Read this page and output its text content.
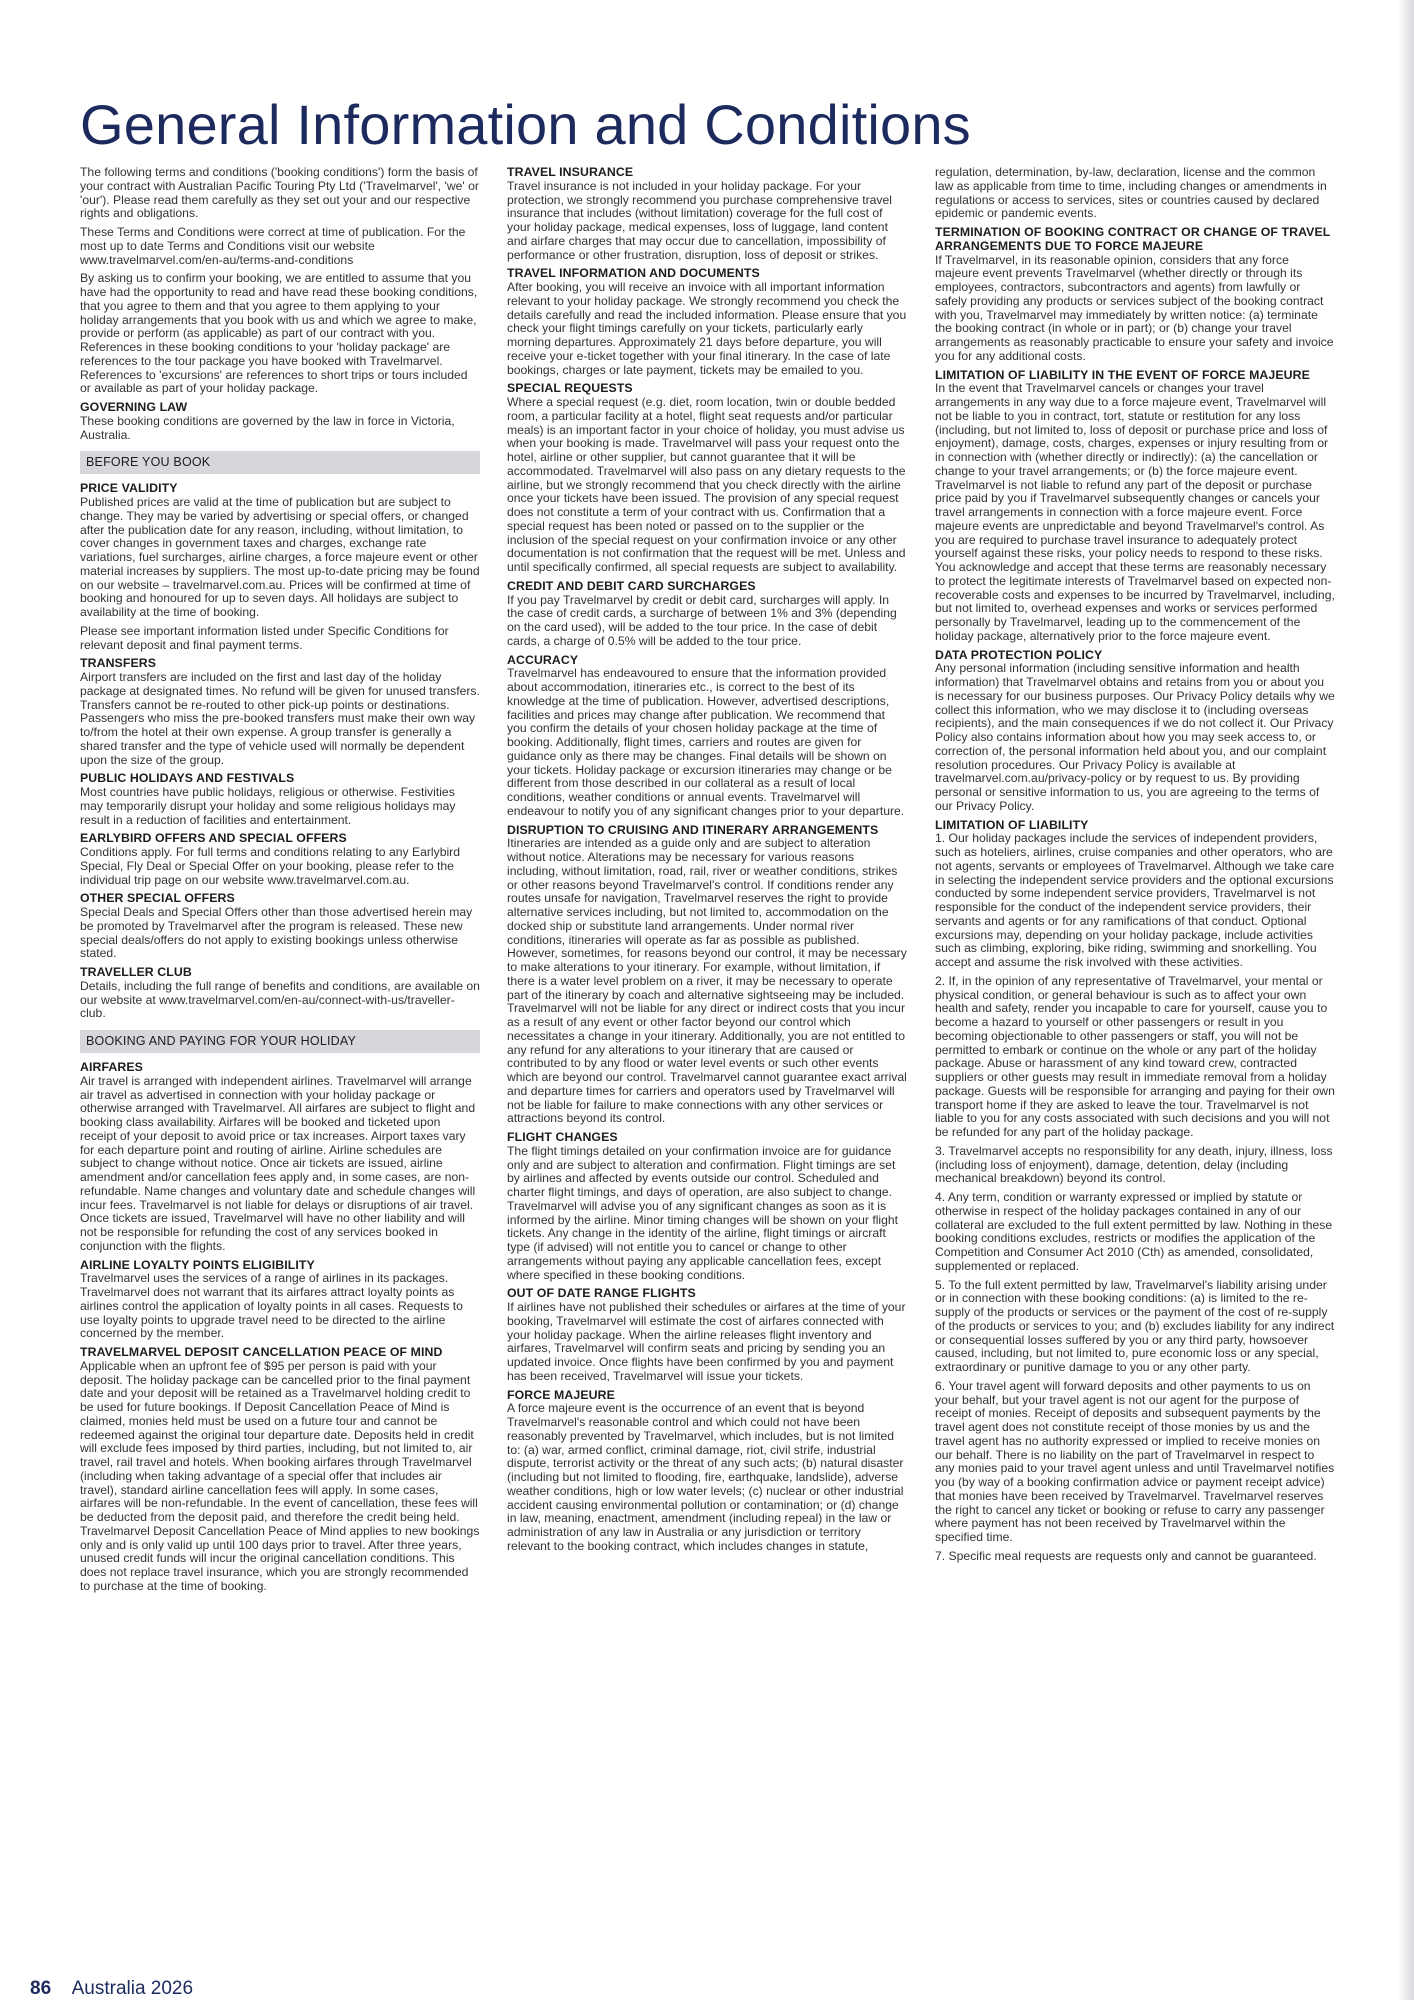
General Information and Conditions

The following terms and conditions ('booking conditions') form the basis of your contract with Australian Pacific Touring Pty Ltd ('Travelmarvel', 'we' or 'our'). Please read them carefully as they set out your and our respective rights and obligations.

These Terms and Conditions were correct at time of publication. For the most up to date Terms and Conditions visit our website www.travelmarvel.com/en-au/terms-and-conditions

By asking us to confirm your booking, we are entitled to assume that you have had the opportunity to read and have read these booking conditions, that you agree to them and that you agree to them applying to your holiday arrangements that you book with us and which we agree to make, provide or perform (as applicable) as part of our contract with you. References in these booking conditions to your 'holiday package' are references to the tour package you have booked with Travelmarvel. References to 'excursions' are references to short trips or tours included or available as part of your holiday package.

GOVERNING LAW

These booking conditions are governed by the law in force in Victoria, Australia.

BEFORE YOU BOOK
PRICE VALIDITY

Published prices are valid at the time of publication but are subject to change. They may be varied by advertising or special offers, or changed after the publication date for any reason, including, without limitation, to cover changes in government taxes and charges, exchange rate variations, fuel surcharges, airline charges, a force majeure event or other material increases by suppliers. The most up-to-date pricing may be found on our website – travelmarvel.com.au. Prices will be confirmed at time of booking and honoured for up to seven days. All holidays are subject to availability at the time of booking.

Please see important information listed under Specific Conditions for relevant deposit and final payment terms.

TRANSFERS

Airport transfers are included on the first and last day of the holiday package at designated times. No refund will be given for unused transfers. Transfers cannot be re-routed to other pick-up points or destinations. Passengers who miss the pre-booked transfers must make their own way to/from the hotel at their own expense. A group transfer is generally a shared transfer and the type of vehicle used will normally be dependent upon the size of the group.

PUBLIC HOLIDAYS AND FESTIVALS

Most countries have public holidays, religious or otherwise. Festivities may temporarily disrupt your holiday and some religious holidays may result in a reduction of facilities and entertainment.

EARLYBIRD OFFERS AND SPECIAL OFFERS

Conditions apply. For full terms and conditions relating to any Earlybird Special, Fly Deal or Special Offer on your booking, please refer to the individual trip page on our website www.travelmarvel.com.au.

OTHER SPECIAL OFFERS

Special Deals and Special Offers other than those advertised herein may be promoted by Travelmarvel after the program is released. These new special deals/offers do not apply to existing bookings unless otherwise stated.

TRAVELLER CLUB

Details, including the full range of benefits and conditions, are available on our website at www.travelmarvel.com/en-au/connect-with-us/traveller-club.

BOOKING AND PAYING FOR YOUR HOLIDAY
AIRFARES

Air travel is arranged with independent airlines. Travelmarvel will arrange air travel as advertised in connection with your holiday package or otherwise arranged with Travelmarvel. All airfares are subject to flight and booking class availability. Airfares will be booked and ticketed upon receipt of your deposit to avoid price or tax increases. Airport taxes vary for each departure point and routing of airline. Airline schedules are subject to change without notice. Once air tickets are issued, airline amendment and/or cancellation fees apply and, in some cases, are non-refundable. Name changes and voluntary date and schedule changes will incur fees. Travelmarvel is not liable for delays or disruptions of air travel. Once tickets are issued, Travelmarvel will have no other liability and will not be responsible for refunding the cost of any services booked in conjunction with the flights.

AIRLINE LOYALTY POINTS ELIGIBILITY

Travelmarvel uses the services of a range of airlines in its packages. Travelmarvel does not warrant that its airfares attract loyalty points as airlines control the application of loyalty points in all cases. Requests to use loyalty points to upgrade travel need to be directed to the airline concerned by the member.

TRAVELMARVEL DEPOSIT CANCELLATION PEACE OF MIND

Applicable when an upfront fee of $95 per person is paid with your deposit. The holiday package can be cancelled prior to the final payment date and your deposit will be retained as a Travelmarvel holding credit to be used for future bookings. If Deposit Cancellation Peace of Mind is claimed, monies held must be used on a future tour and cannot be redeemed against the original tour departure date. Deposits held in credit will exclude fees imposed by third parties, including, but not limited to, air travel, rail travel and hotels. When booking airfares through Travelmarvel (including when taking advantage of a special offer that includes air travel), standard airline cancellation fees will apply. In some cases, airfares will be non-refundable. In the event of cancellation, these fees will be deducted from the deposit paid, and therefore the credit being held. Travelmarvel Deposit Cancellation Peace of Mind applies to new bookings only and is only valid up until 100 days prior to travel. After three years, unused credit funds will incur the original cancellation conditions. This does not replace travel insurance, which you are strongly recommended to purchase at the time of booking.

TRAVEL INSURANCE

Travel insurance is not included in your holiday package. For your protection, we strongly recommend you purchase comprehensive travel insurance that includes (without limitation) coverage for the full cost of your holiday package, medical expenses, loss of luggage, land content and airfare charges that may occur due to cancellation, impossibility of performance or other frustration, disruption, loss of deposit or strikes.

TRAVEL INFORMATION AND DOCUMENTS

After booking, you will receive an invoice with all important information relevant to your holiday package. We strongly recommend you check the details carefully and read the included information. Please ensure that you check your flight timings carefully on your tickets, particularly early morning departures. Approximately 21 days before departure, you will receive your e-ticket together with your final itinerary. In the case of late bookings, charges or late payment, tickets may be emailed to you.

SPECIAL REQUESTS

Where a special request (e.g. diet, room location, twin or double bedded room, a particular facility at a hotel, flight seat requests and/or particular meals) is an important factor in your choice of holiday, you must advise us when your booking is made. Travelmarvel will pass your request onto the hotel, airline or other supplier, but cannot guarantee that it will be accommodated. Travelmarvel will also pass on any dietary requests to the airline, but we strongly recommend that you check directly with the airline once your tickets have been issued. The provision of any special request does not constitute a term of your contract with us. Confirmation that a special request has been noted or passed on to the supplier or the inclusion of the special request on your confirmation invoice or any other documentation is not confirmation that the request will be met. Unless and until specifically confirmed, all special requests are subject to availability.

CREDIT AND DEBIT CARD SURCHARGES

If you pay Travelmarvel by credit or debit card, surcharges will apply. In the case of credit cards, a surcharge of between 1% and 3% (depending on the card used), will be added to the tour price. In the case of debit cards, a charge of 0.5% will be added to the tour price.

ACCURACY

Travelmarvel has endeavoured to ensure that the information provided about accommodation, itineraries etc., is correct to the best of its knowledge at the time of publication. However, advertised descriptions, facilities and prices may change after publication. We recommend that you confirm the details of your chosen holiday package at the time of booking. Additionally, flight times, carriers and routes are given for guidance only as there may be changes. Final details will be shown on your tickets. Holiday package or excursion itineraries may change or be different from those described in our collateral as a result of local conditions, weather conditions or annual events. Travelmarvel will endeavour to notify you of any significant changes prior to your departure.

DISRUPTION TO CRUISING AND ITINERARY ARRANGEMENTS

Itineraries are intended as a guide only and are subject to alteration without notice. Alterations may be necessary for various reasons including, without limitation, road, rail, river or weather conditions, strikes or other reasons beyond Travelmarvel's control. If conditions render any routes unsafe for navigation, Travelmarvel reserves the right to provide alternative services including, but not limited to, accommodation on the docked ship or substitute land arrangements. Under normal river conditions, itineraries will operate as far as possible as published. However, sometimes, for reasons beyond our control, it may be necessary to make alterations to your itinerary. For example, without limitation, if there is a water level problem on a river, it may be necessary to operate part of the itinerary by coach and alternative sightseeing may be included. Travelmarvel will not be liable for any direct or indirect costs that you incur as a result of any event or other factor beyond our control which necessitates a change in your itinerary. Additionally, you are not entitled to any refund for any alterations to your itinerary that are caused or contributed to by any flood or water level events or such other events which are beyond our control. Travelmarvel cannot guarantee exact arrival and departure times for carriers and operators used by Travelmarvel will not be liable for failure to make connections with any other services or attractions beyond its control.

FLIGHT CHANGES

The flight timings detailed on your confirmation invoice are for guidance only and are subject to alteration and confirmation. Flight timings are set by airlines and affected by events outside our control. Scheduled and charter flight timings, and days of operation, are also subject to change. Travelmarvel will advise you of any significant changes as soon as it is informed by the airline. Minor timing changes will be shown on your flight tickets. Any change in the identity of the airline, flight timings or aircraft type (if advised) will not entitle you to cancel or change to other arrangements without paying any applicable cancellation fees, except where specified in these booking conditions.

OUT OF DATE RANGE FLIGHTS

If airlines have not published their schedules or airfares at the time of your booking, Travelmarvel will estimate the cost of airfares connected with your holiday package. When the airline releases flight inventory and airfares, Travelmarvel will confirm seats and pricing by sending you an updated invoice. Once flights have been confirmed by you and payment has been received, Travelmarvel will issue your tickets.

FORCE MAJEURE

A force majeure event is the occurrence of an event that is beyond Travelmarvel's reasonable control and which could not have been reasonably prevented by Travelmarvel, which includes, but is not limited to: (a) war, armed conflict, criminal damage, riot, civil strife, industrial dispute, terrorist activity or the threat of any such acts; (b) natural disaster (including but not limited to flooding, fire, earthquake, landslide), adverse weather conditions, high or low water levels; (c) nuclear or other industrial accident causing environmental pollution or contamination; or (d) change in law, meaning, enactment, amendment (including repeal) in the law or administration of any law in Australia or any jurisdiction or territory relevant to the booking contract, which includes changes in statute,

regulation, determination, by-law, declaration, license and the common law as applicable from time to time, including changes or amendments in regulations or access to services, sites or countries caused by declared epidemic or pandemic events.

TERMINATION OF BOOKING CONTRACT OR CHANGE OF TRAVEL ARRANGEMENTS DUE TO FORCE MAJEURE

If Travelmarvel, in its reasonable opinion, considers that any force majeure event prevents Travelmarvel (whether directly or through its employees, contractors, subcontractors and agents) from lawfully or safely providing any products or services subject of the booking contract with you, Travelmarvel may immediately by written notice: (a) terminate the booking contract (in whole or in part); or (b) change your travel arrangements as reasonably practicable to ensure your safety and invoice you for any additional costs.

LIMITATION OF LIABILITY IN THE EVENT OF FORCE MAJEURE

In the event that Travelmarvel cancels or changes your travel arrangements in any way due to a force majeure event, Travelmarvel will not be liable to you in contract, tort, statute or restitution for any loss (including, but not limited to, loss of deposit or purchase price and loss of enjoyment), damage, costs, charges, expenses or injury resulting from or in connection with (whether directly or indirectly): (a) the cancellation or change to your travel arrangements; or (b) the force majeure event. Travelmarvel is not liable to refund any part of the deposit or purchase price paid by you if Travelmarvel subsequently changes or cancels your travel arrangements in connection with a force majeure event. Force majeure events are unpredictable and beyond Travelmarvel's control. As you are required to purchase travel insurance to adequately protect yourself against these risks, your policy needs to respond to these risks. You acknowledge and accept that these terms are reasonably necessary to protect the legitimate interests of Travelmarvel based on expected non-recoverable costs and expenses to be incurred by Travelmarvel, including, but not limited to, overhead expenses and works or services performed personally by Travelmarvel, leading up to the commencement of the holiday package, alternatively prior to the force majeure event.

DATA PROTECTION POLICY

Any personal information (including sensitive information and health information) that Travelmarvel obtains and retains from you or about you is necessary for our business purposes. Our Privacy Policy details why we collect this information, who we may disclose it to (including overseas recipients), and the main consequences if we do not collect it. Our Privacy Policy also contains information about how you may seek access to, or correction of, the personal information held about you, and our complaint resolution procedures. Our Privacy Policy is available at travelmarvel.com.au/privacy-policy or by request to us. By providing personal or sensitive information to us, you are agreeing to the terms of our Privacy Policy.

LIMITATION OF LIABILITY

1. Our holiday packages include the services of independent providers, such as hoteliers, airlines, cruise companies and other operators, who are not agents, servants or employees of Travelmarvel. Although we take care in selecting the independent service providers and the optional excursions conducted by some independent service providers, Travelmarvel is not responsible for the conduct of the independent service providers, their servants and agents or for any ramifications of that conduct. Optional excursions may, depending on your holiday package, include activities such as climbing, exploring, bike riding, swimming and snorkelling. You accept and assume the risk involved with these activities.

2. If, in the opinion of any representative of Travelmarvel, your mental or physical condition, or general behaviour is such as to affect your own health and safety, render you incapable to care for yourself, cause you to become a hazard to yourself or other passengers or result in you becoming objectionable to other passengers or staff, you will not be permitted to embark or continue on the whole or any part of the holiday package. Abuse or harassment of any kind toward crew, contracted suppliers or other guests may result in immediate removal from a holiday package. Guests will be responsible for arranging and paying for their own transport home if they are asked to leave the tour. Travelmarvel is not liable to you for any costs associated with such decisions and you will not be refunded for any part of the holiday package.

3. Travelmarvel accepts no responsibility for any death, injury, illness, loss (including loss of enjoyment), damage, detention, delay (including mechanical breakdown) beyond its control.

4. Any term, condition or warranty expressed or implied by statute or otherwise in respect of the holiday packages contained in any of our collateral are excluded to the full extent permitted by law. Nothing in these booking conditions excludes, restricts or modifies the application of the Competition and Consumer Act 2010 (Cth) as amended, consolidated, supplemented or replaced.

5. To the full extent permitted by law, Travelmarvel's liability arising under or in connection with these booking conditions: (a) is limited to the re-supply of the products or services or the payment of the cost of re-supply of the products or services to you; and (b) excludes liability for any indirect or consequential losses suffered by you or any third party, howsoever caused, including, but not limited to, pure economic loss or any special, extraordinary or punitive damage to you or any other party.

6. Your travel agent will forward deposits and other payments to us on your behalf, but your travel agent is not our agent for the purpose of receipt of monies. Receipt of deposits and subsequent payments by the travel agent does not constitute receipt of those monies by us and the travel agent has no authority expressed or implied to receive monies on our behalf. There is no liability on the part of Travelmarvel in respect to any monies paid to your travel agent unless and until Travelmarvel notifies you (by way of a booking confirmation advice or payment receipt advice) that monies have been received by Travelmarvel. Travelmarvel reserves the right to cancel any ticket or booking or refuse to carry any passenger where payment has not been received by Travelmarvel within the specified time.

7. Specific meal requests are requests only and cannot be guaranteed.

86 Australia 2026
